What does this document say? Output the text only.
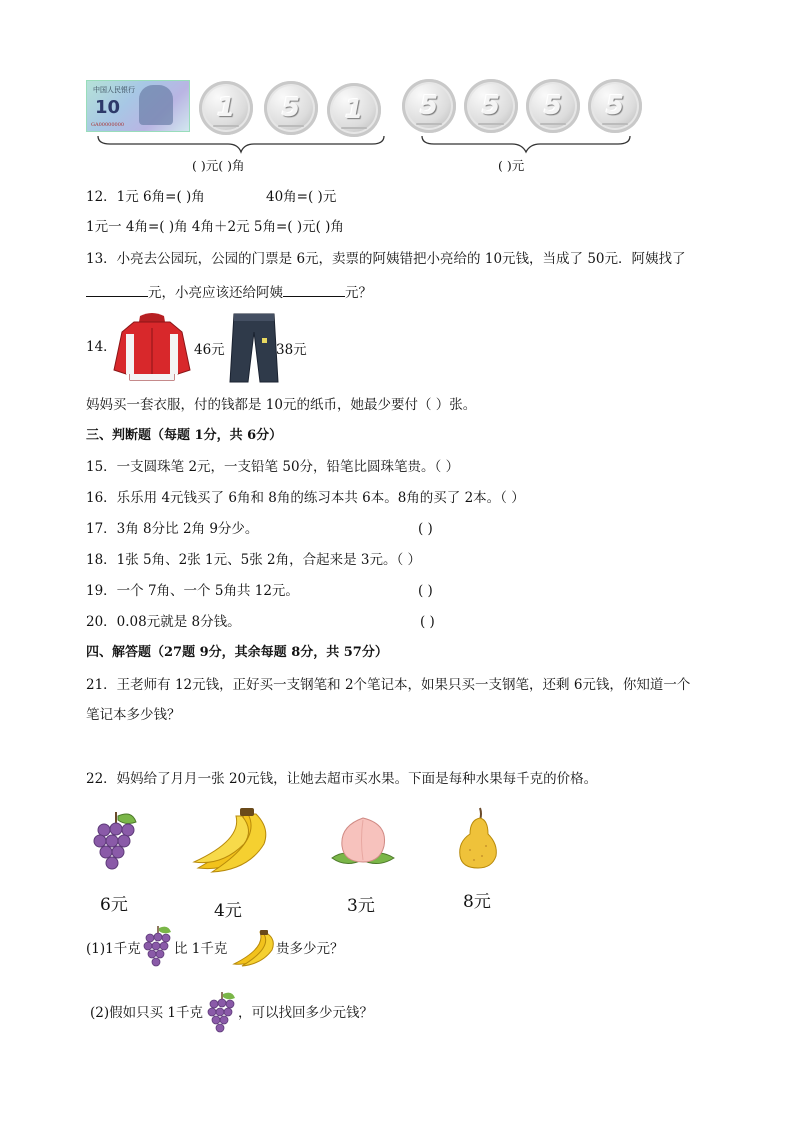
中国人民银行
10
GA00000000
1 5 1 5 5 5 5
( )元( )角	( )元
12．1元 6角=( )角	40角=( )元
1元一 4角=( )角 4角＋2元 5角=( )元( )角
13．小亮去公园玩，公园的门票是 6元，卖票的阿姨错把小亮给的 10元钱，当成了 50元．阿姨找了
元，小亮应该还给阿姨	元？
14．	46元	38元
妈妈买一套衣服，付的钱都是 10元的纸币，她最少要付（ ）张。
三、判断题（每题 1分，共 6分）
15．一支圆珠笔 2元，一支铅笔 50分，铅笔比圆珠笔贵。（ ）
16．乐乐用 4元钱买了 6角和 8角的练习本共 6本。8角的买了 2本。（ ）
17．3角 8分比 2角 9分少。	( )
18．1张 5角、2张 1元、5张 2角，合起来是 3元。（ ）
19．一个 7角、一个 5角共 12元。	( )
20．0.08元就是 8分钱。	( )
四、解答题（27题 9分，其余每题 8分，共 57分）
21．王老师有 12元钱，正好买一支钢笔和 2个笔记本，如果只买一支钢笔，还剩 6元钱，你知道一个
笔记本多少钱？
22．妈妈给了月月一张 20元钱，让她去超市买水果。下面是每种水果每千克的价格。
6元	4元	3元	8元
(1)1千克 比 1千克	贵多少元？
(2)假如只买 1千克	，可以找回多少元钱？
